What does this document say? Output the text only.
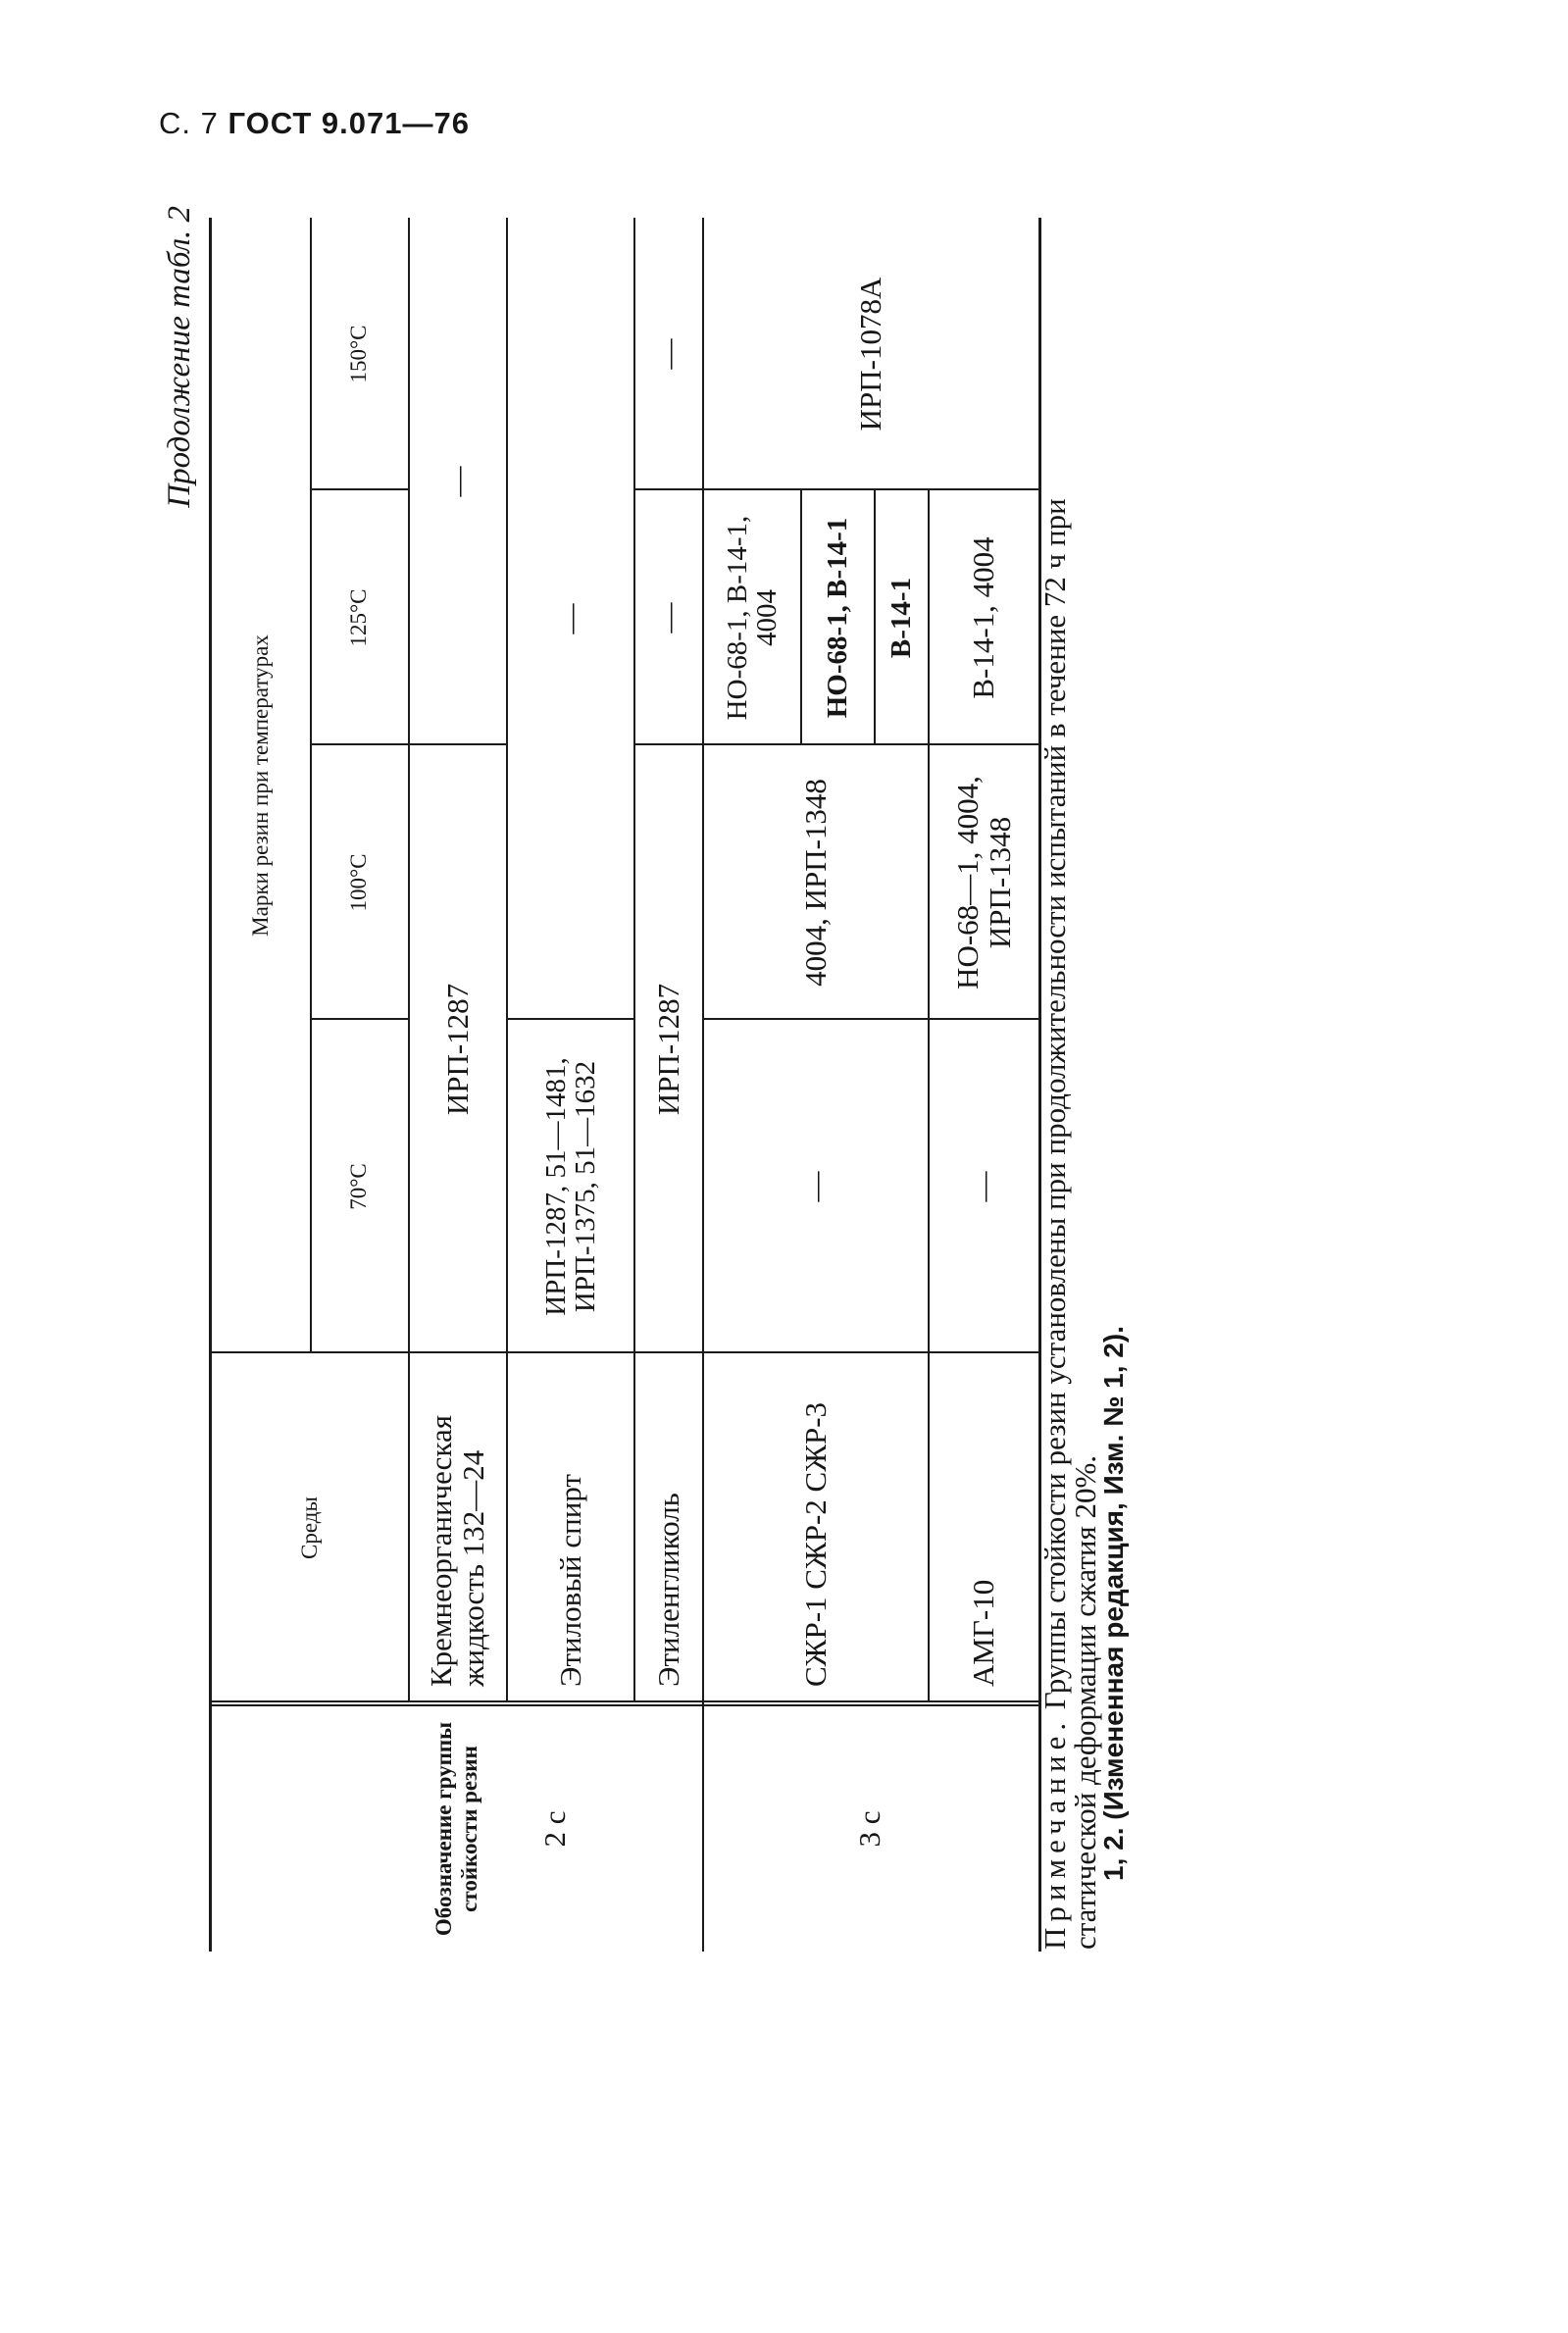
С. 7 ГОСТ 9.071—76
Продолжение табл. 2
Обозначение группы стойкости резин
Среды
Марки резин при температурах
70°С
100°С
125°С
150°С
2 с
Кремнеорганическая жидкость 132—24
ИРП-1287
—
Этиловый спирт
ИРП-1287, 51—1481, ИРП-1375, 51—1632
—
Этиленгликоль
ИРП-1287
—
—
3 с
СЖР-1 СЖР-2 СЖР-3
—
4004, ИРП-1348
НО-68-1, В-14-1, 4004	НО-68-1, В-14-1	В-14-1
ИРП-1078А
АМГ-10
—
НО-68—1, 4004, ИРП-1348
В-14-1, 4004
Примечание. Группы стойкости резин установлены при продолжительности испытаний в течение 72 ч при
статической деформации сжатия 20%.
1, 2. (Измененная редакция, Изм. № 1, 2).
